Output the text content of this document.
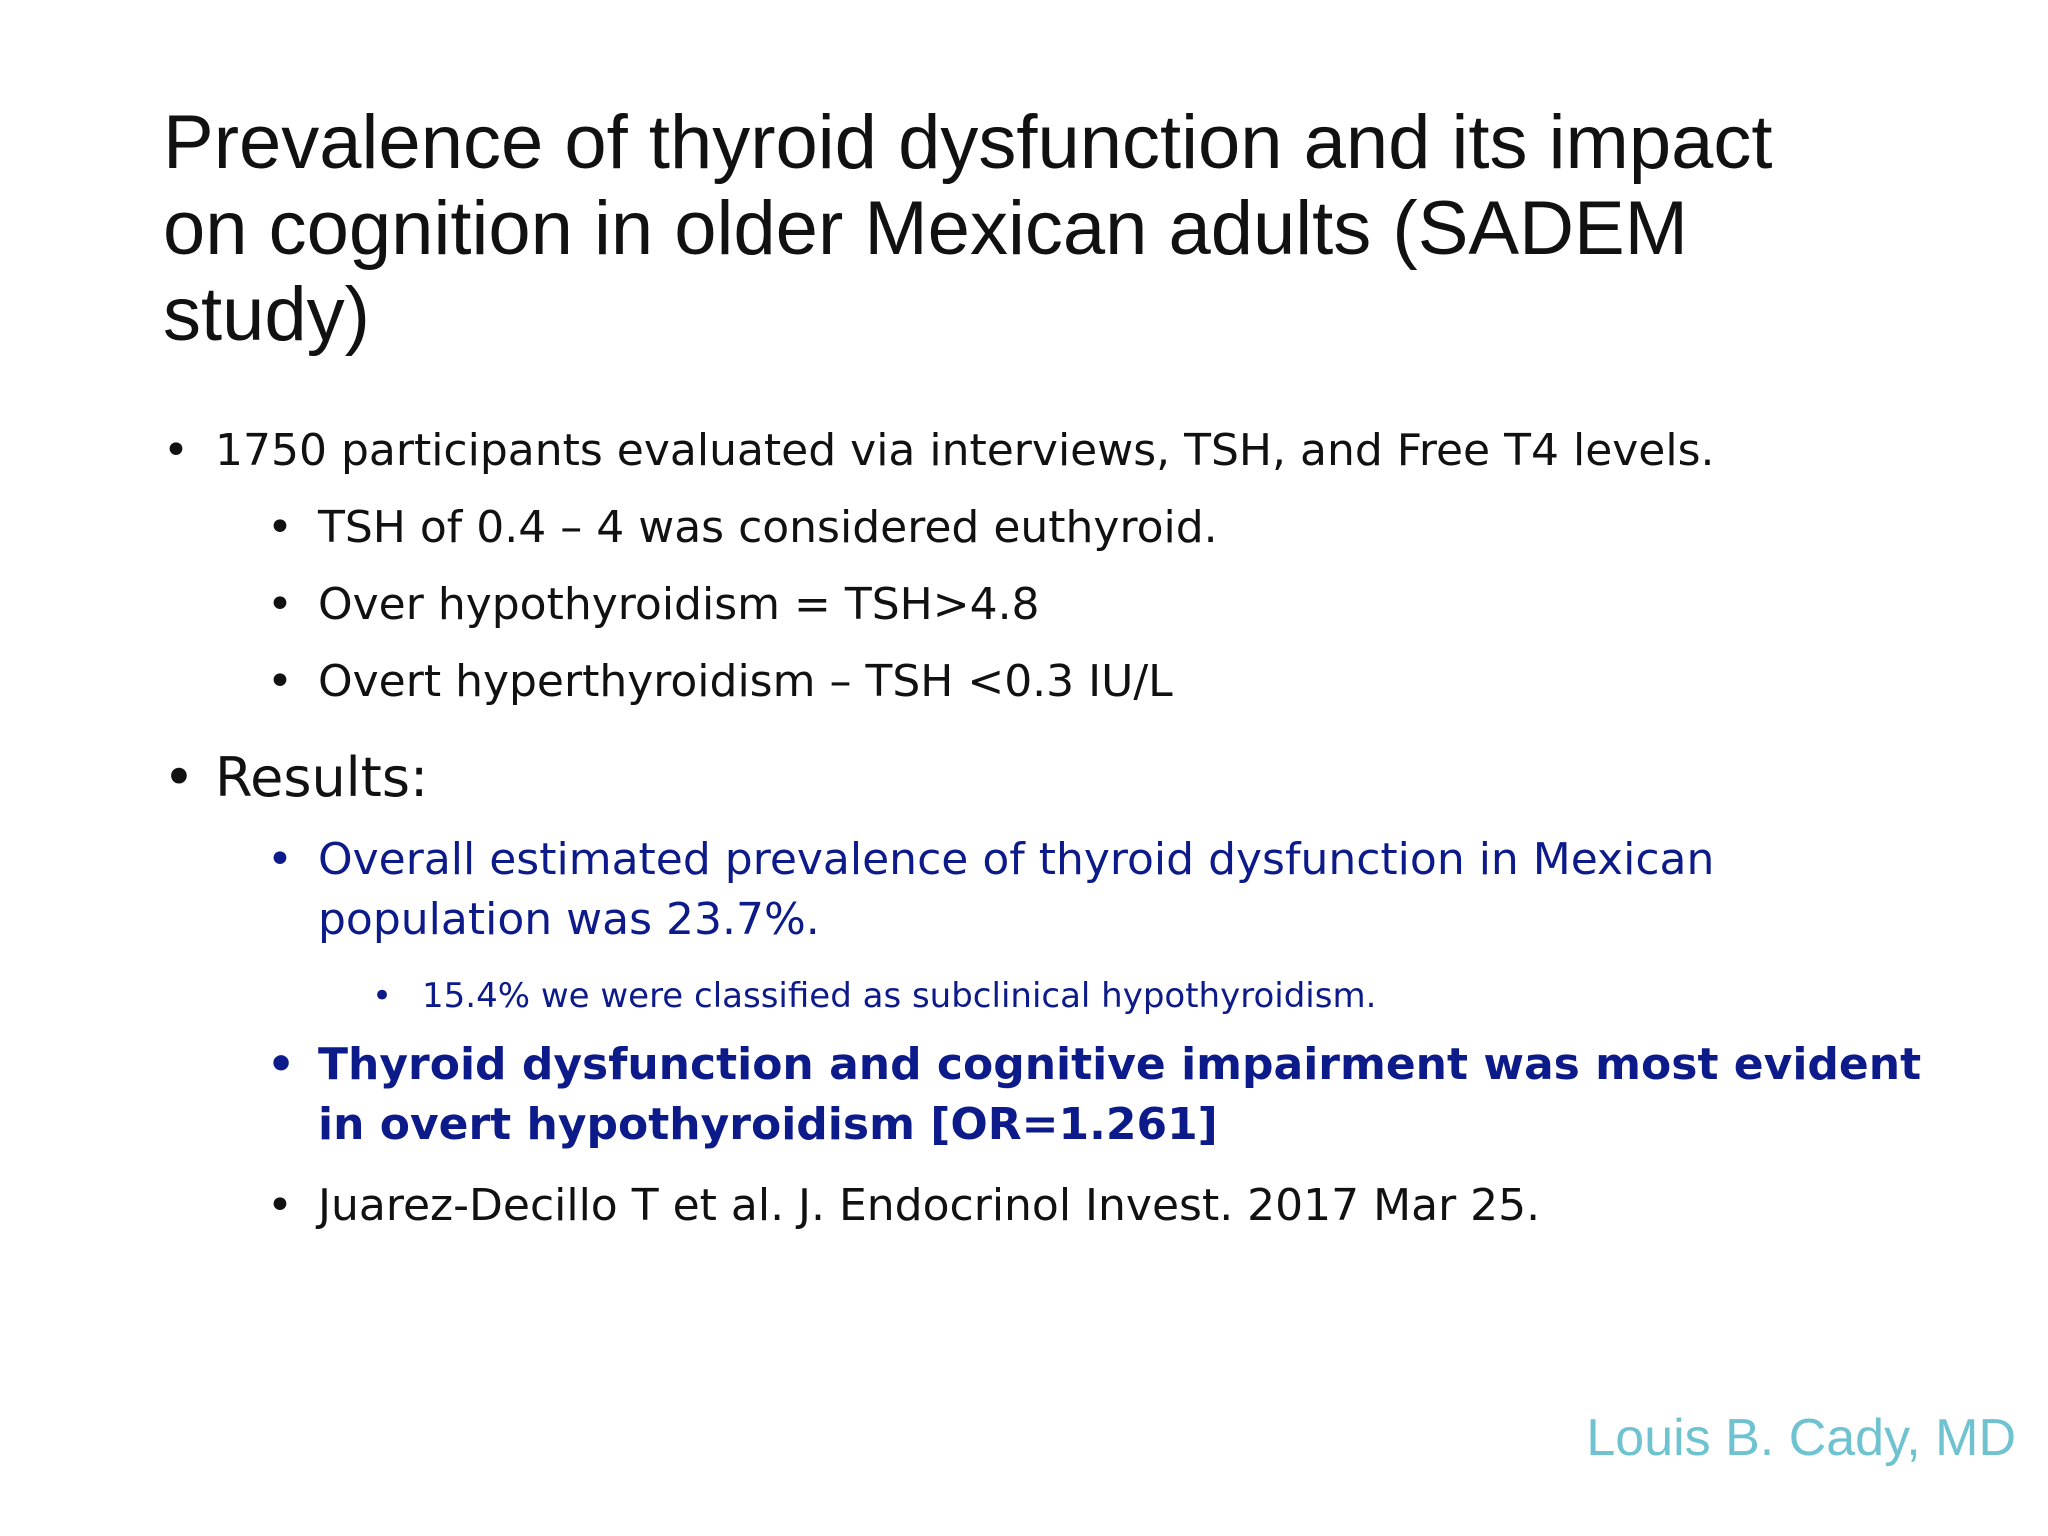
Prevalence of thyroid dysfunction and its impact
on cognition in older Mexican adults (SADEM
study)
• 1750 participants evaluated via interviews, TSH, and Free T4 levels.
• TSH of 0.4 – 4 was considered euthyroid.
• Over hypothyroidism = TSH>4.8
• Overt hyperthyroidism – TSH <0.3 IU/L
• Results:
• Overall estimated prevalence of thyroid dysfunction in Mexican
population was 23.7%.
• 15.4% we were classified as subclinical hypothyroidism.
• Thyroid dysfunction and cognitive impairment was most evident
in overt hypothyroidism [OR=1.261]
• Juarez-Decillo T et al. J. Endocrinol Invest. 2017 Mar 25.
Louis B. Cady, MD
